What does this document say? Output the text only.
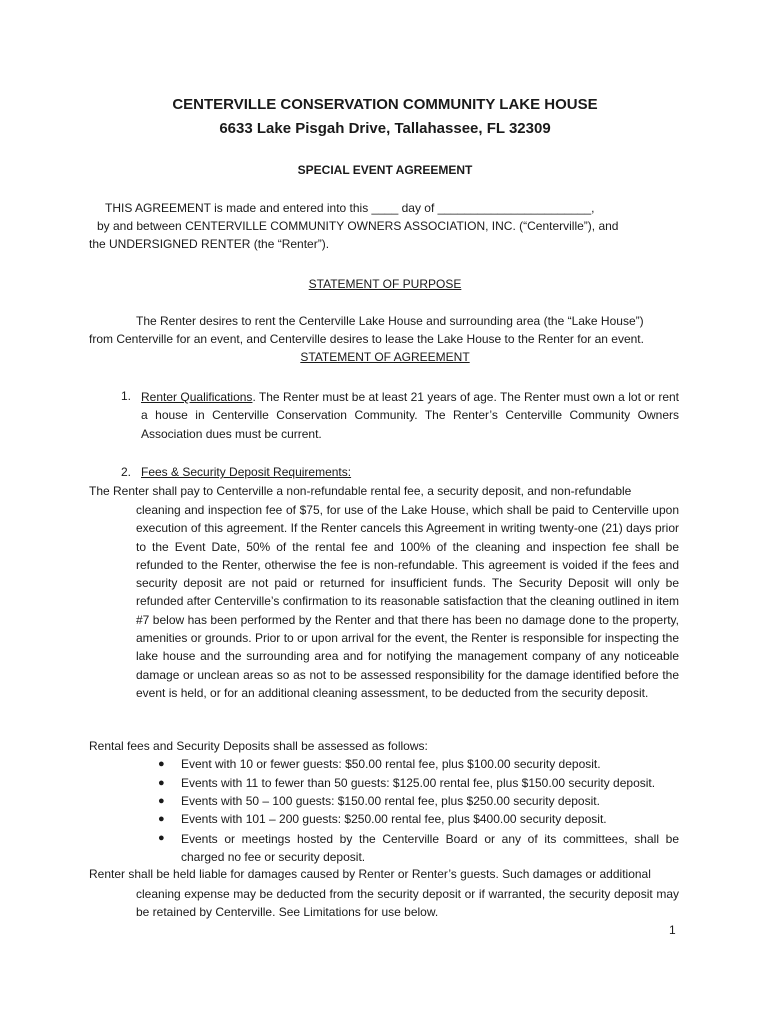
CENTERVILLE CONSERVATION COMMUNITY LAKE HOUSE
6633 Lake Pisgah Drive, Tallahassee, FL 32309
SPECIAL EVENT AGREEMENT
THIS AGREEMENT is made and entered into this ____ day of _______________________,
by and between CENTERVILLE COMMUNITY OWNERS ASSOCIATION, INC. (“Centerville”), and
the UNDERSIGNED RENTER (the “Renter”).
STATEMENT OF PURPOSE
The Renter desires to rent the Centerville Lake House and surrounding area (the “Lake House”)
from Centerville for an event, and Centerville desires to lease the Lake House to the Renter for an event.
STATEMENT OF AGREEMENT
1. Renter Qualifications. The Renter must be at least 21 years of age. The Renter must own a lot or rent a house in Centerville Conservation Community. The Renter’s Centerville Community Owners Association dues must be current.
2. Fees & Security Deposit Requirements:
The Renter shall pay to Centerville a non-refundable rental fee, a security deposit, and non-refundable
cleaning and inspection fee of $75, for use of the Lake House, which shall be paid to Centerville upon execution of this agreement. If the Renter cancels this Agreement in writing twenty-one (21) days prior to the Event Date, 50% of the rental fee and 100% of the cleaning and inspection fee shall be refunded to the Renter, otherwise the fee is non-refundable. This agreement is voided if the fees and security deposit are not paid or returned for insufficient funds. The Security Deposit will only be refunded after Centerville’s confirmation to its reasonable satisfaction that the cleaning outlined in item #7 below has been performed by the Renter and that there has been no damage done to the property, amenities or grounds. Prior to or upon arrival for the event, the Renter is responsible for inspecting the lake house and the surrounding area and for notifying the management company of any noticeable damage or unclean areas so as not to be assessed responsibility for the damage identified before the event is held, or for an additional cleaning assessment, to be deducted from the security deposit.
Rental fees and Security Deposits shall be assessed as follows:
● Event with 10 or fewer guests: $50.00 rental fee, plus $100.00 security deposit.
● Events with 11 to fewer than 50 guests: $125.00 rental fee, plus $150.00 security deposit.
● Events with 50 – 100 guests: $150.00 rental fee, plus $250.00 security deposit.
● Events with 101 – 200 guests: $250.00 rental fee, plus $400.00 security deposit.
● Events or meetings hosted by the Centerville Board or any of its committees, shall be charged no fee or security deposit.
Renter shall be held liable for damages caused by Renter or Renter’s guests. Such damages or additional
cleaning expense may be deducted from the security deposit or if warranted, the security deposit may be retained by Centerville. See Limitations for use below.
1
